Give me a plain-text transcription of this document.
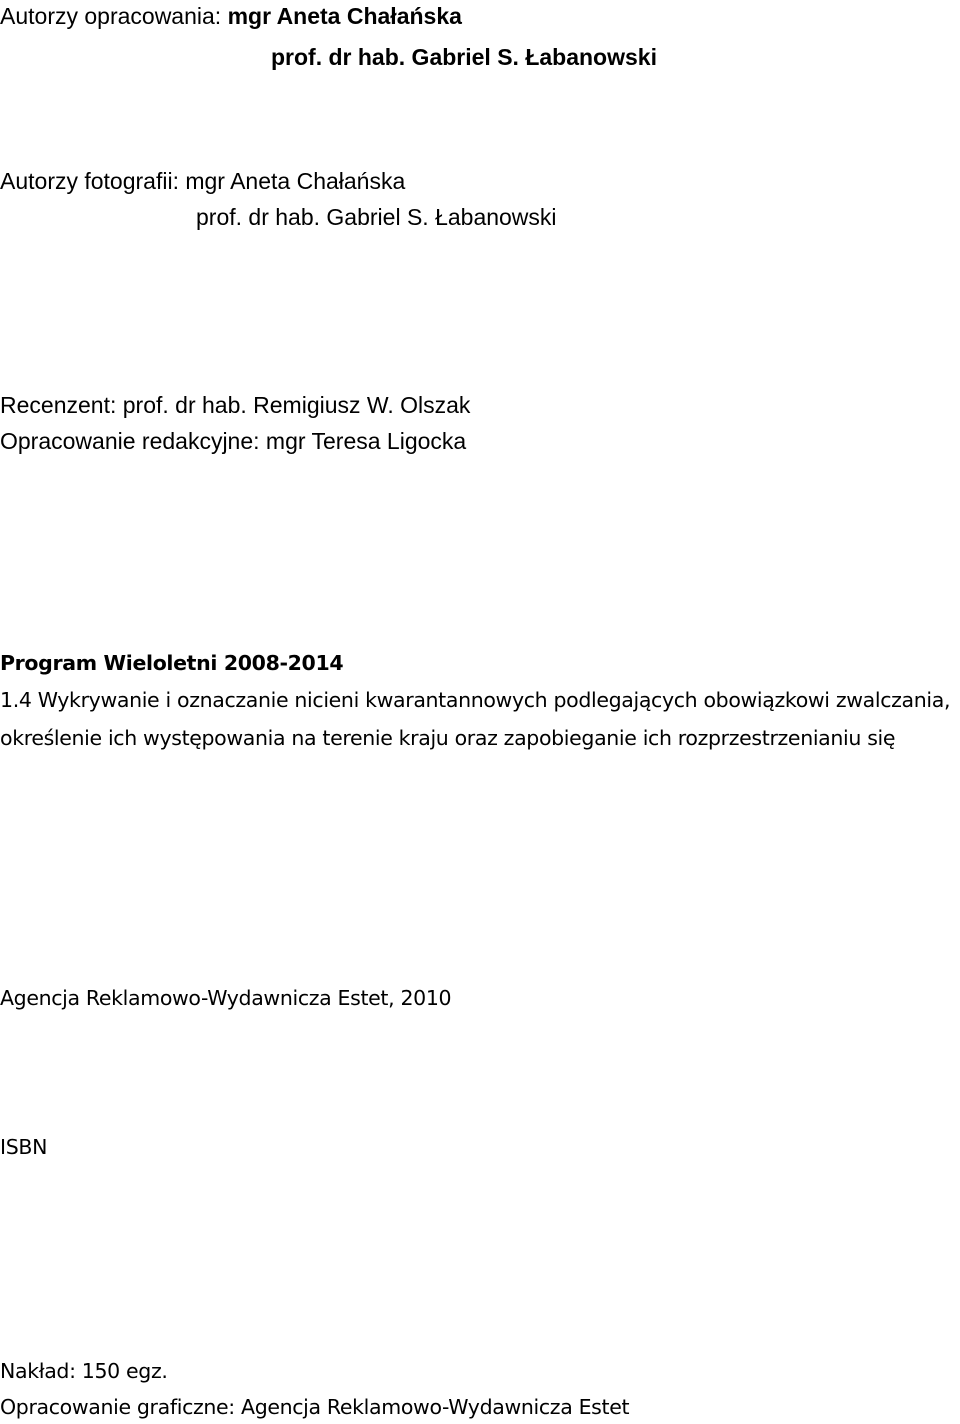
Autorzy opracowania: mgr Aneta Chałańska
prof. dr hab. Gabriel S. Łabanowski
Autorzy fotografii: mgr Aneta Chałańska
prof. dr hab. Gabriel S. Łabanowski
Recenzent: prof. dr hab. Remigiusz W. Olszak
Opracowanie redakcyjne: mgr Teresa Ligocka
Program Wieloletni 2008-2014
1.4 Wykrywanie i oznaczanie nicieni kwarantannowych podlegających obowiązkowi zwalczania,
określenie ich występowania na terenie kraju oraz zapobieganie ich rozprzestrzenianiu się
Agencja Reklamowo-Wydawnicza Estet, 2010
ISBN
Nakład: 150 egz.
Opracowanie graficzne: Agencja Reklamowo-Wydawnicza Estet
